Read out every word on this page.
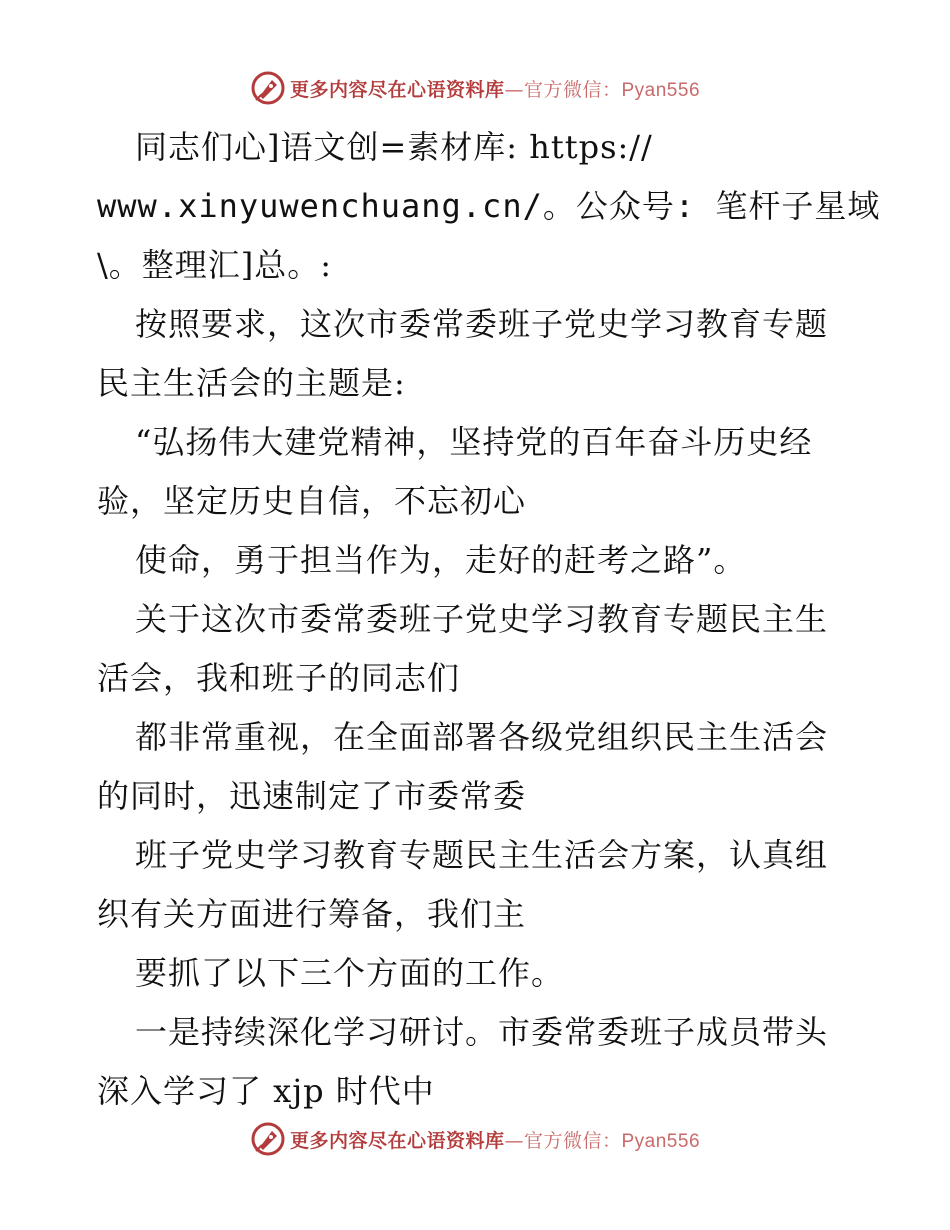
更多内容尽在心语资料库—官方微信：Pyan556
同志们心]语文创=素材库: https://
www.xinyuwenchuang.cn/。公众号: 笔杆子星域
\。整理汇]总。:
按照要求，这次市委常委班子党史学习教育专题
民主生活会的主题是:
“弘扬伟大建党精神，坚持党的百年奋斗历史经
验，坚定历史自信，不忘初心
使命，勇于担当作为，走好的赶考之路”。
关于这次市委常委班子党史学习教育专题民主生
活会，我和班子的同志们
都非常重视，在全面部署各级党组织民主生活会
的同时，迅速制定了市委常委
班子党史学习教育专题民主生活会方案，认真组
织有关方面进行筹备，我们主
要抓了以下三个方面的工作。
一是持续深化学习研讨。市委常委班子成员带头
深入学习了 xjp 时代中
更多内容尽在心语资料库—官方微信：Pyan556
